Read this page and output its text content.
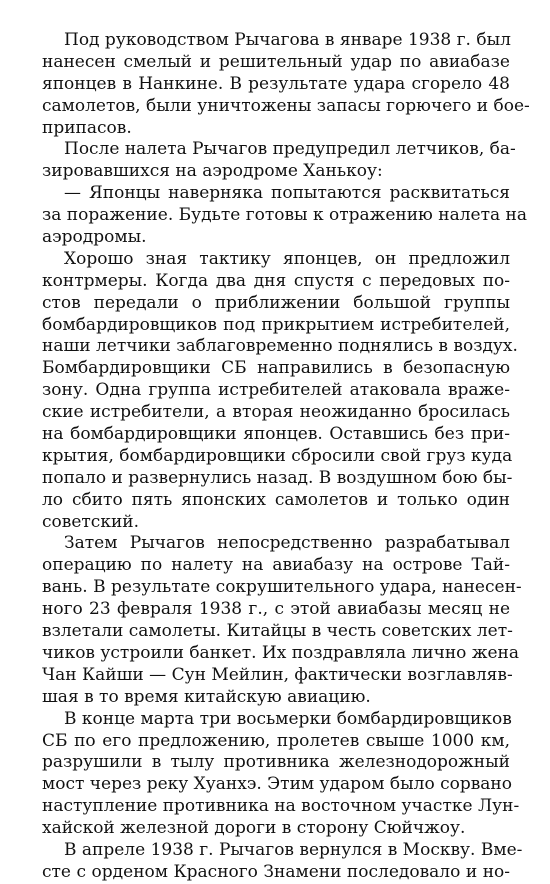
Под руководством Рычагова в январе 1938 г. был
нанесен смелый и решительный удар по авиабазе
японцев в Нанкине. В результате удара сгорело 48
самолетов, были уничтожены запасы горючего и бое-
припасов.
После налета Рычагов предупредил летчиков, ба-
зировавшихся на аэродроме Ханькоу:
— Японцы наверняка попытаются расквитаться
за поражение. Будьте готовы к отражению налета на
аэродромы.
Хорошо зная тактику японцев, он предложил
контрмеры. Когда два дня спустя с передовых по-
стов передали о приближении большой группы
бомбардировщиков под прикрытием истребителей,
наши летчики заблаговременно поднялись в воздух.
Бомбардировщики СБ направились в безопасную
зону. Одна группа истребителей атаковала враже-
ские истребители, а вторая неожиданно бросилась
на бомбардировщики японцев. Оставшись без при-
крытия, бомбардировщики сбросили свой груз куда
попало и развернулись назад. В воздушном бою бы-
ло сбито пять японских самолетов и только один
советский.
Затем Рычагов непосредственно разрабатывал
операцию по налету на авиабазу на острове Тай-
вань. В результате сокрушительного удара, нанесен-
ного 23 февраля 1938 г., с этой авиабазы месяц не
взлетали самолеты. Китайцы в честь советских лет-
чиков устроили банкет. Их поздравляла лично жена
Чан Кайши — Сун Мейлин, фактически возглавляв-
шая в то время китайскую авиацию.
В конце марта три восьмерки бомбардировщиков
СБ по его предложению, пролетев свыше 1000 км,
разрушили в тылу противника железнодорожный
мост через реку Хуанхэ. Этим ударом было сорвано
наступление противника на восточном участке Лун-
хайской железной дороги в сторону Сюйчжоу.
В апреле 1938 г. Рычагов вернулся в Москву. Вме-
сте с орденом Красного Знамени последовало и но-
